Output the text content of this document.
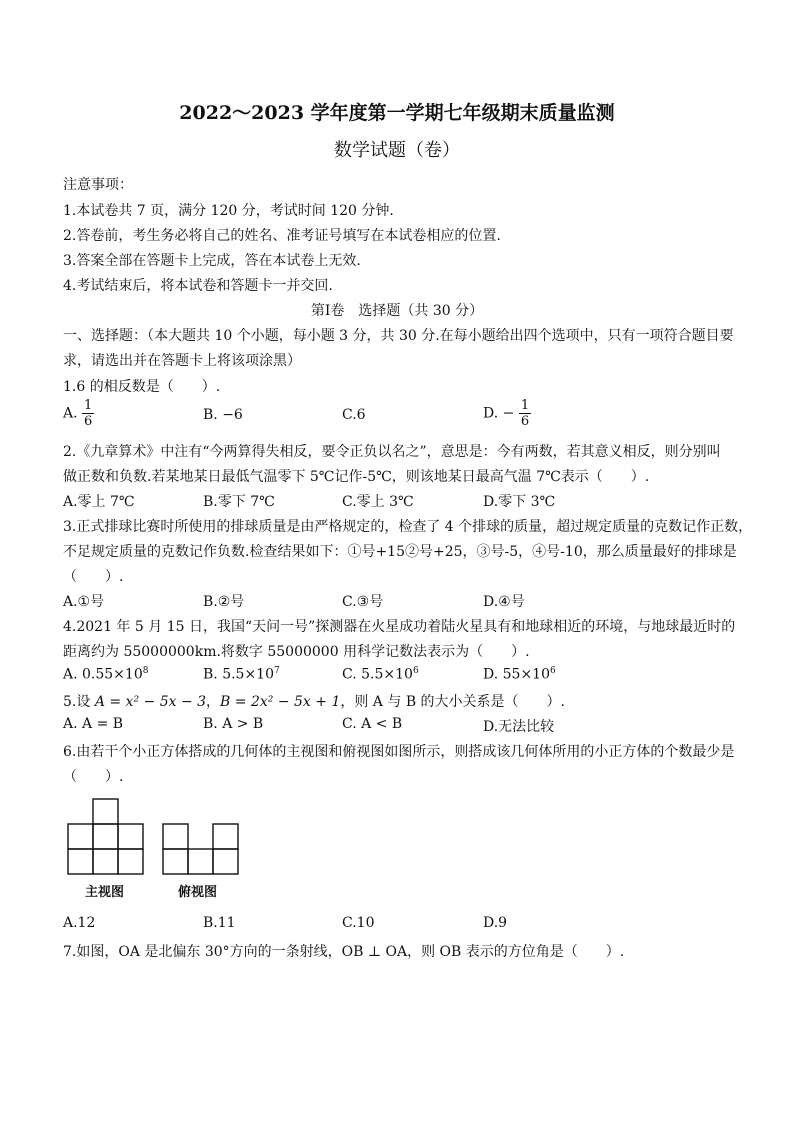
2022～2023 学年度第一学期七年级期末质量监测
数学试题（卷）
注意事项：
1.本试卷共 7 页，满分 120 分，考试时间 120 分钟.
2.答卷前，考生务必将自己的姓名、准考证号填写在本试卷相应的位置.
3.答案全部在答题卡上完成，答在本试卷上无效.
4.考试结束后，将本试卷和答题卡一并交回.
第Ⅰ卷　选择题（共 30 分）
一、选择题：（本大题共 10 个小题，每小题 3 分，共 30 分.在每小题给出四个选项中，只有一项符合题目要
求，请选出并在答题卡上将该项涂黑）
1.6 的相反数是（　　）.
A. $\frac{1}{6}$	B. −6	C.6	D. − $\frac{1}{6}$
2.《九章算术》中注有“今两算得失相反，要令正负以名之”，意思是：今有两数，若其意义相反，则分别叫
做正数和负数.若某地某日最低气温零下 5℃记作-5℃，则该地某日最高气温 7℃表示（　　）.
A.零上 7℃	B.零下 7℃	C.零上 3℃	D.零下 3℃
3.正式排球比赛时所使用的排球质量是由严格规定的，检查了 4 个排球的质量，超过规定质量的克数记作正数，
不足规定质量的克数记作负数.检查结果如下：①号+15②号+25，③号-5，④号-10，那么质量最好的排球是
（　　）.
A.①号	B.②号	C.③号	D.④号
4.2021 年 5 月 15 日，我国“天问一号”探测器在火星成功着陆火星具有和地球相近的环境，与地球最近时的
距离约为 55000000km.将数字 55000000 用科学记数法表示为（　　）.
A. $0.55\times 10^8$	B. $5.5\times 10^7$	C. $5.5\times 10^6$	D. $55\times 10^6$
5.设 A = x² − 5x − 3，B = 2x² − 5x + 1，则 A 与 B 的大小关系是（　　）.
A. A = B	B. A > B	C. A < B	D.无法比较
6.由若干个小正方体搭成的几何体的主视图和俯视图如图所示，则搭成该几何体所用的小正方体的个数最少是
（　　）.
主视图	俯视图
A.12	B.11	C.10	D.9
7.如图，OA 是北偏东 30°方向的一条射线，OB ⊥ OA，则 OB 表示的方位角是（　　）.
